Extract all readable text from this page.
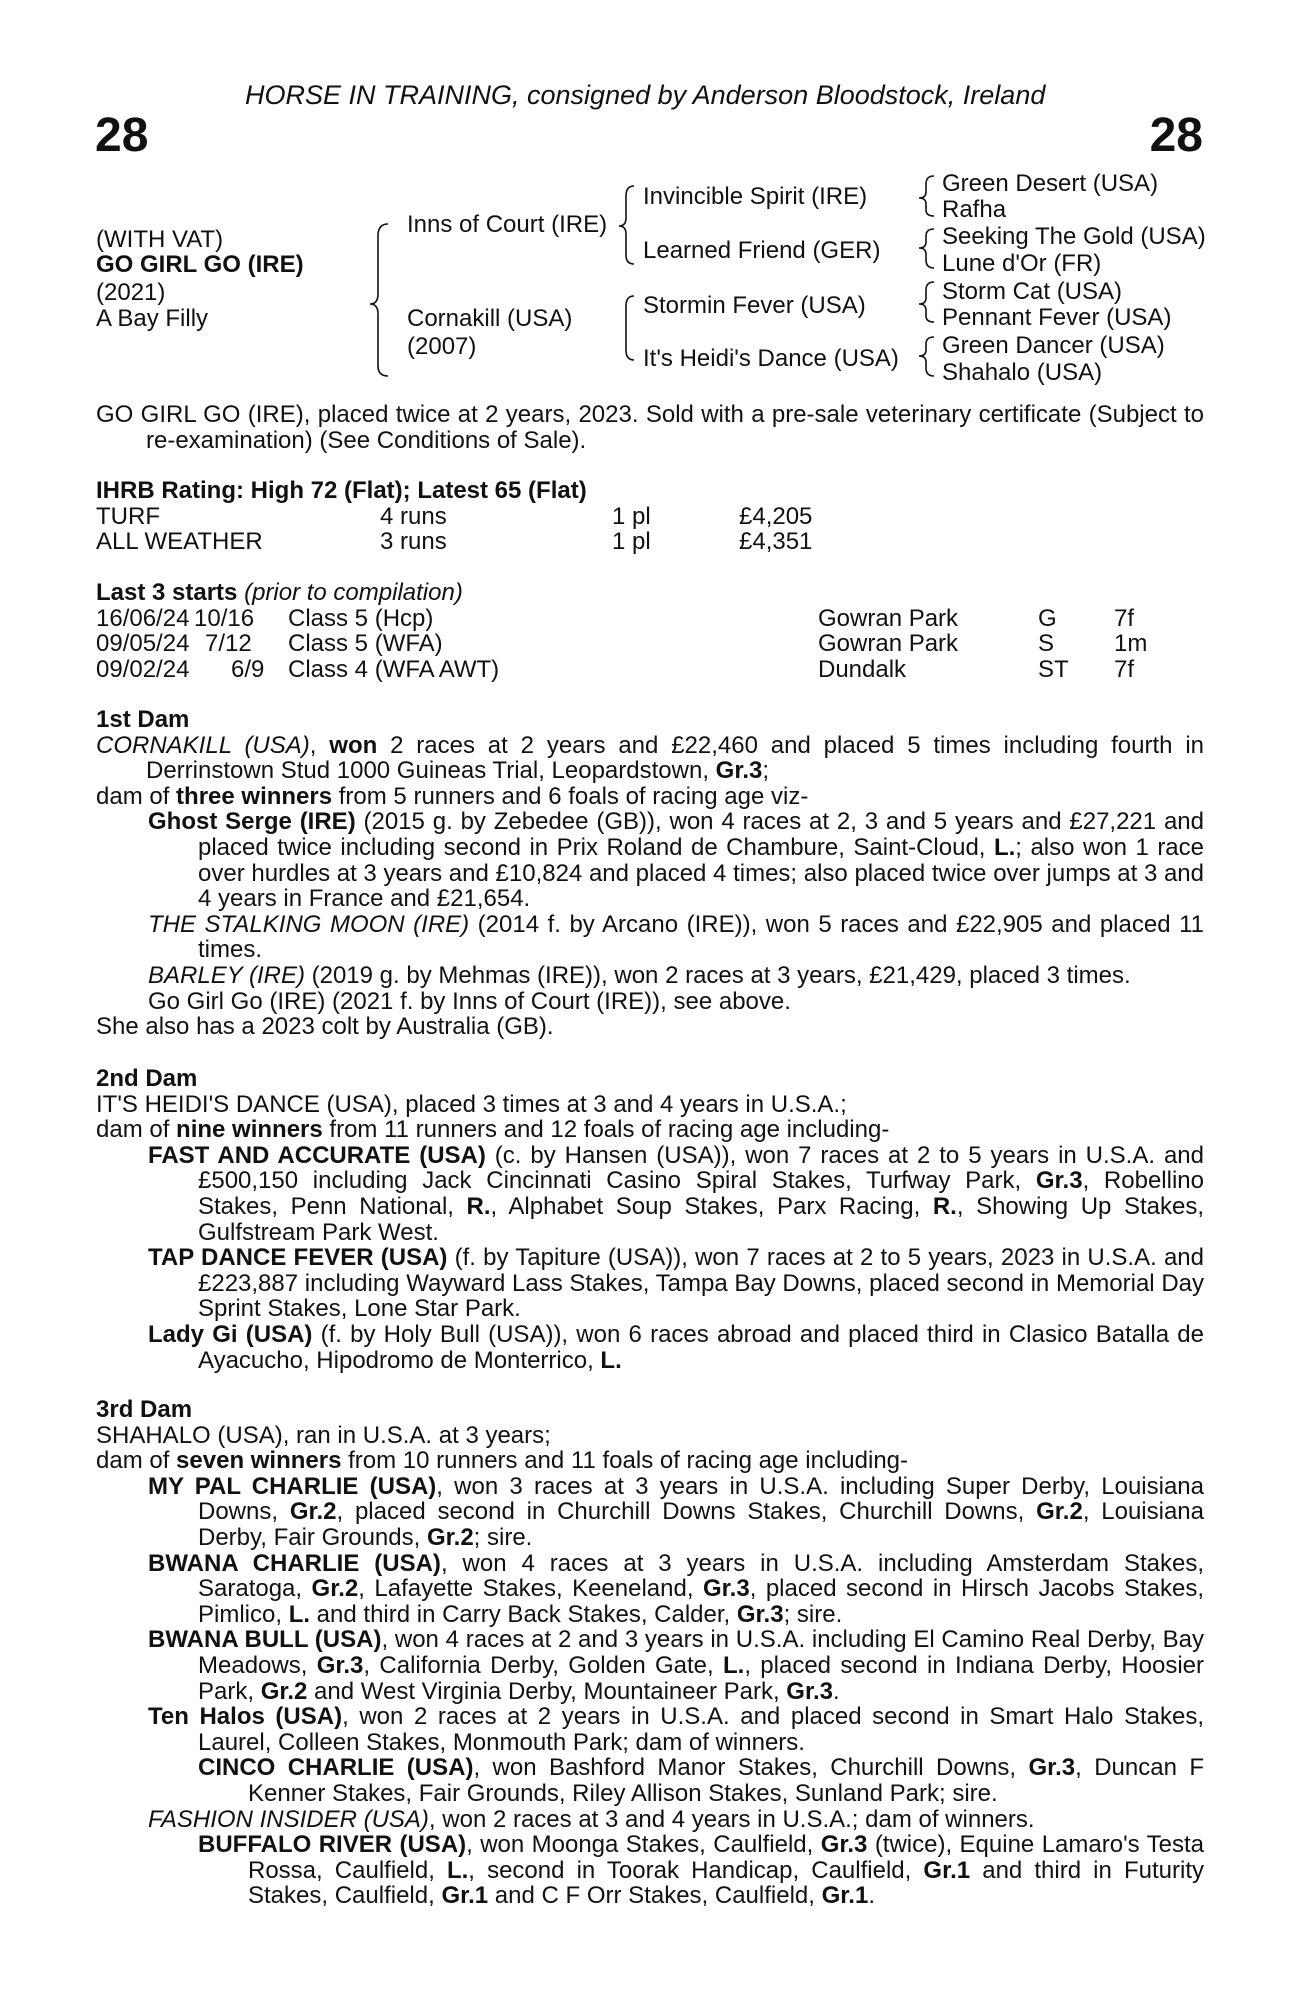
HORSE IN TRAINING, consigned by Anderson Bloodstock, Ireland
28	28
(WITH VAT)
GO GIRL GO (IRE)
(2021)
A Bay Filly
Inns of Court (IRE)
Cornakill (USA)
(2007)
Invincible Spirit (IRE)
Learned Friend (GER)
Stormin Fever (USA)
It's Heidi's Dance (USA)
Green Desert (USA)
Rafha
Seeking The Gold (USA)
Lune d'Or (FR)
Storm Cat (USA)
Pennant Fever (USA)
Green Dancer (USA)
Shahalo (USA)

GO GIRL GO (IRE), placed twice at 2 years, 2023. Sold with a pre-sale veterinary certificate (Subject to re-examination) (See Conditions of Sale).

IHRB Rating: High 72 (Flat); Latest 65 (Flat)
TURF	4 runs	1 pl	£4,205
ALL WEATHER	3 runs	1 pl	£4,351
Last 3 starts (prior to compilation)
16/06/24 10/16 Class 5 (Hcp)	Gowran Park	G 7f
09/05/24 7/12 Class 5 (WFA)	Gowran Park	S 1m
09/02/24 6/9 Class 4 (WFA AWT)	Dundalk	ST 7f
1st Dam

CORNAKILL (USA), won 2 races at 2 years and £22,460 and placed 5 times including fourth in Derrinstown Stud 1000 Guineas Trial, Leopardstown, Gr.3;

dam of three winners from 5 runners and 6 foals of racing age viz-

Ghost Serge (IRE) (2015 g. by Zebedee (GB)), won 4 races at 2, 3 and 5 years and £27,221 and placed twice including second in Prix Roland de Chambure, Saint-Cloud, L.; also won 1 race over hurdles at 3 years and £10,824 and placed 4 times; also placed twice over jumps at 3 and 4 years in France and £21,654.

THE STALKING MOON (IRE) (2014 f. by Arcano (IRE)), won 5 races and £22,905 and placed 11 times.

BARLEY (IRE) (2019 g. by Mehmas (IRE)), won 2 races at 3 years, £21,429, placed 3 times.

Go Girl Go (IRE) (2021 f. by Inns of Court (IRE)), see above.

She also has a 2023 colt by Australia (GB).

2nd Dam

IT'S HEIDI'S DANCE (USA), placed 3 times at 3 and 4 years in U.S.A.;

dam of nine winners from 11 runners and 12 foals of racing age including-

FAST AND ACCURATE (USA) (c. by Hansen (USA)), won 7 races at 2 to 5 years in U.S.A. and £500,150 including Jack Cincinnati Casino Spiral Stakes, Turfway Park, Gr.3, Robellino Stakes, Penn National, R., Alphabet Soup Stakes, Parx Racing, R., Showing Up Stakes, Gulfstream Park West.

TAP DANCE FEVER (USA) (f. by Tapiture (USA)), won 7 races at 2 to 5 years, 2023 in U.S.A. and £223,887 including Wayward Lass Stakes, Tampa Bay Downs, placed second in Memorial Day Sprint Stakes, Lone Star Park.

Lady Gi (USA) (f. by Holy Bull (USA)), won 6 races abroad and placed third in Clasico Batalla de Ayacucho, Hipodromo de Monterrico, L.

3rd Dam

SHAHALO (USA), ran in U.S.A. at 3 years;

dam of seven winners from 10 runners and 11 foals of racing age including-

MY PAL CHARLIE (USA), won 3 races at 3 years in U.S.A. including Super Derby, Louisiana Downs, Gr.2, placed second in Churchill Downs Stakes, Churchill Downs, Gr.2, Louisiana Derby, Fair Grounds, Gr.2; sire.

BWANA CHARLIE (USA), won 4 races at 3 years in U.S.A. including Amsterdam Stakes, Saratoga, Gr.2, Lafayette Stakes, Keeneland, Gr.3, placed second in Hirsch Jacobs Stakes, Pimlico, L. and third in Carry Back Stakes, Calder, Gr.3; sire.

BWANA BULL (USA), won 4 races at 2 and 3 years in U.S.A. including El Camino Real Derby, Bay Meadows, Gr.3, California Derby, Golden Gate, L., placed second in Indiana Derby, Hoosier Park, Gr.2 and West Virginia Derby, Mountaineer Park, Gr.3.

Ten Halos (USA), won 2 races at 2 years in U.S.A. and placed second in Smart Halo Stakes, Laurel, Colleen Stakes, Monmouth Park; dam of winners.

CINCO CHARLIE (USA), won Bashford Manor Stakes, Churchill Downs, Gr.3, Duncan F Kenner Stakes, Fair Grounds, Riley Allison Stakes, Sunland Park; sire.

FASHION INSIDER (USA), won 2 races at 3 and 4 years in U.S.A.; dam of winners.

BUFFALO RIVER (USA), won Moonga Stakes, Caulfield, Gr.3 (twice), Equine Lamaro's Testa Rossa, Caulfield, L., second in Toorak Handicap, Caulfield, Gr.1 and third in Futurity Stakes, Caulfield, Gr.1 and C F Orr Stakes, Caulfield, Gr.1.
